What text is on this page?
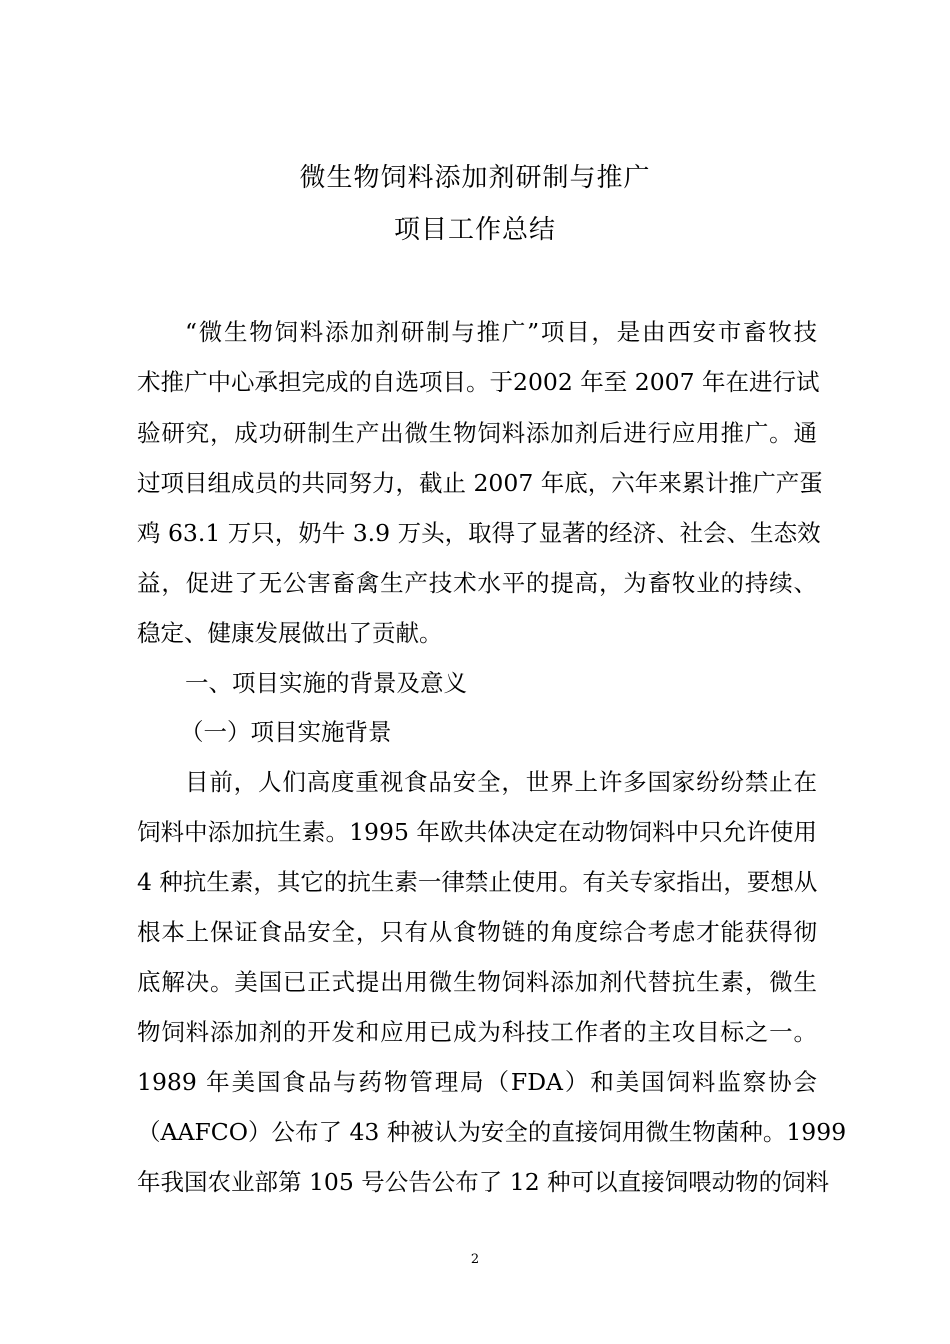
微生物饲料添加剂研制与推广
项目工作总结
“微生物饲料添加剂研制与推广”项目，是由西安市畜牧技
术推广中心承担完成的自选项目。于2002 年至 2007 年在进行试
验研究，成功研制生产出微生物饲料添加剂后进行应用推广。通
过项目组成员的共同努力，截止 2007 年底，六年来累计推广产蛋
鸡 63.1 万只，奶牛 3.9 万头，取得了显著的经济、社会、生态效
益，促进了无公害畜禽生产技术水平的提高，为畜牧业的持续、
稳定、健康发展做出了贡献。
一、项目实施的背景及意义
（一）项目实施背景
目前，人们高度重视食品安全，世界上许多国家纷纷禁止在
饲料中添加抗生素。1995 年欧共体决定在动物饲料中只允许使用
4 种抗生素，其它的抗生素一律禁止使用。有关专家指出，要想从
根本上保证食品安全，只有从食物链的角度综合考虑才能获得彻
底解决。美国已正式提出用微生物饲料添加剂代替抗生素，微生
物饲料添加剂的开发和应用已成为科技工作者的主攻目标之一。
1989 年美国食品与药物管理局（FDA）和美国饲料监察协会
（AAFCO）公布了 43 种被认为安全的直接饲用微生物菌种。1999
年我国农业部第 105 号公告公布了 12 种可以直接饲喂动物的饲料
2
